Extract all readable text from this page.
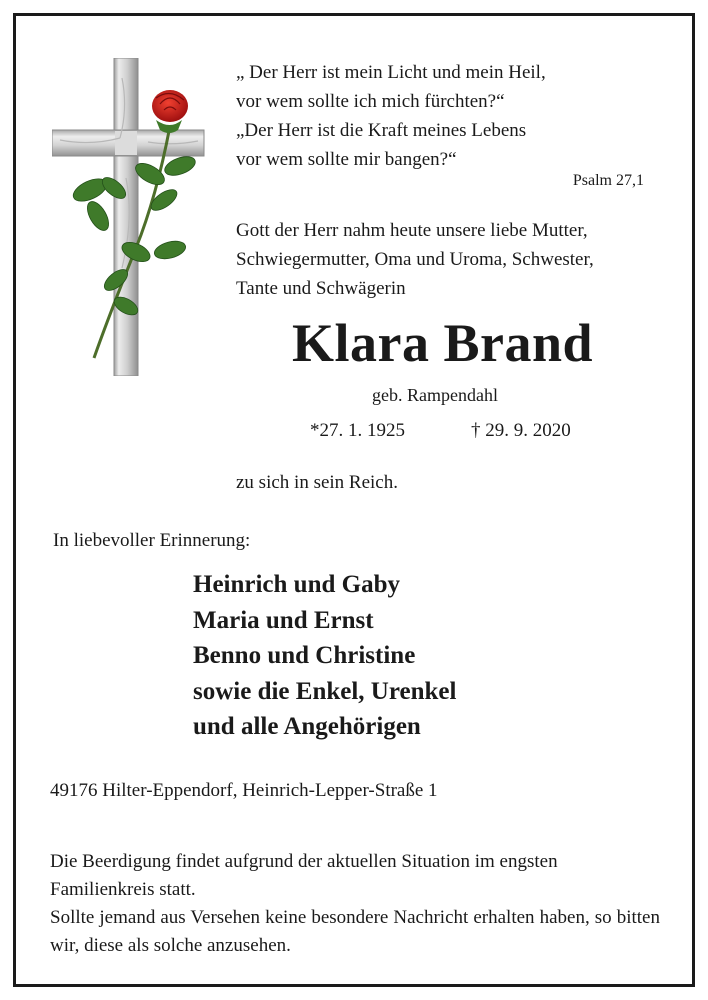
„ Der Herr ist mein Licht und mein Heil,
vor wem sollte ich mich fürchten?“
„Der Herr ist die Kraft meines Lebens
vor wem sollte mir bangen?“
Psalm 27,1
Gott der Herr nahm heute unsere liebe Mutter,
Schwiegermutter, Oma und Uroma, Schwester,
Tante und Schwägerin
Klara Brand
geb. Rampendahl
*27. 1. 1925	† 29. 9. 2020
zu sich in sein Reich.
In liebevoller Erinnerung:
Heinrich und Gaby
Maria und Ernst
Benno und Christine
sowie die Enkel, Urenkel
und alle Angehörigen
49176 Hilter-Eppendorf, Heinrich-Lepper-Straße 1
Die Beerdigung findet aufgrund der aktuellen Situation im engsten Familienkreis statt.
Sollte jemand aus Versehen keine besondere Nachricht erhalten haben, so bitten wir, diese als solche anzusehen.
